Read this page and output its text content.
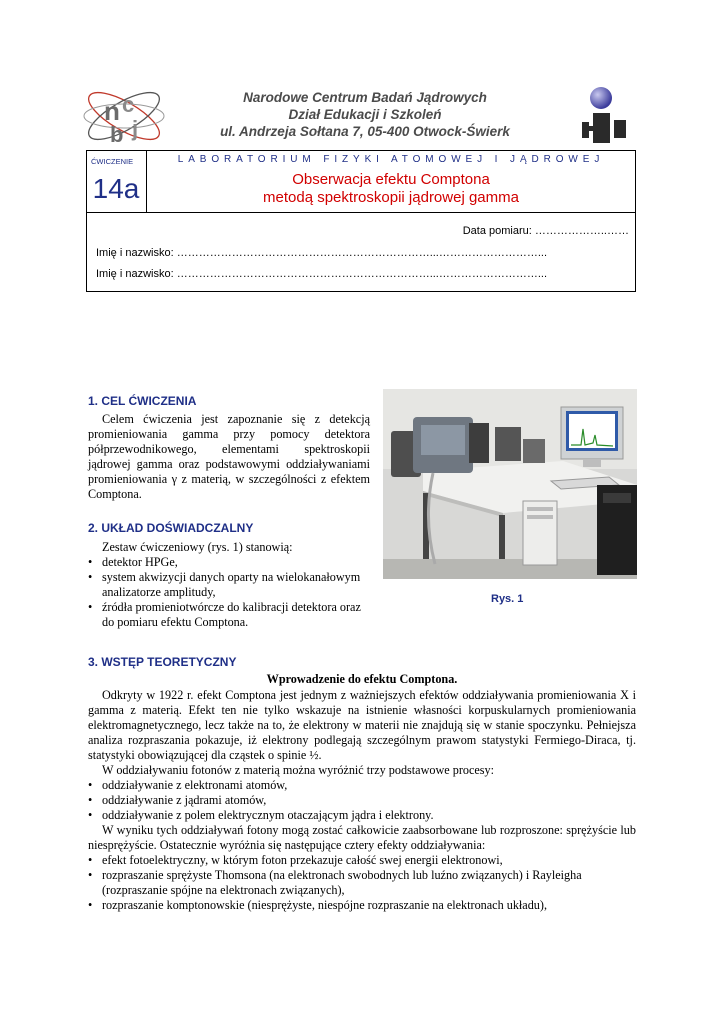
n c
b j
Narodowe Centrum Badań Jądrowych
Dział Edukacji i Szkoleń
ul. Andrzeja Sołtana 7, 05-400 Otwock-Świerk
ĆWICZENIE
14a
LABORATORIUM FIZYKI ATOMOWEJ I JĄDROWEJ
Obserwacja efektu Comptona
metodą spektroskopii jądrowej gamma
Data pomiaru: ………………..……
Imię i nazwisko: ……………………………………………………………...………………………...
Imię i nazwisko: ……………………………………………………………...………………………...
1. CEL ĆWICZENIA
Celem ćwiczenia jest zapoznanie się z detekcją promieniowania gamma przy pomocy detektora półprzewodnikowego, elementami spektroskopii jądrowej gamma oraz podstawowymi oddziaływaniami promieniowania γ z materią, w szczególności z efektem Comptona.
2. UKŁAD DOŚWIADCZALNY

Zestaw ćwiczeniowy (rys. 1) stanowią:

• detektor HPGe,
• system akwizycji danych oparty na wielokanałowym analizatorze amplitudy,
• źródła promieniotwórcze do kalibracji detektora oraz do pomiaru efektu Comptona.
Rys. 1
3. WSTĘP TEORETYCZNY
Wprowadzenie do efektu Comptona.

Odkryty w 1922 r. efekt Comptona jest jednym z ważniejszych efektów oddziaływania promieniowania X i gamma z materią. Efekt ten nie tylko wskazuje na istnienie własności korpuskularnych promieniowania elektromagnetycznego, lecz także na to, że elektrony w materii nie znajdują się w stanie spoczynku. Pełniejsza analiza rozpraszania pokazuje, iż elektrony podlegają szczególnym prawom statystyki Fermiego-Diraca, tj. statystyki obowiązującej dla cząstek o spinie ½.

W oddziaływaniu fotonów z materią można wyróżnić trzy podstawowe procesy:

• oddziaływanie z elektronami atomów,
• oddziaływanie z jądrami atomów,
• oddziaływanie z polem elektrycznym otaczającym jądra i elektrony.

W wyniku tych oddziaływań fotony mogą zostać całkowicie zaabsorbowane lub rozproszone: sprężyście lub niesprężyście. Ostatecznie wyróżnia się następujące cztery efekty oddziaływania:

• efekt fotoelektryczny, w którym foton przekazuje całość swej energii elektronowi,
• rozpraszanie sprężyste Thomsona (na elektronach swobodnych lub luźno związanych) i Rayleigha (rozpraszanie spójne na elektronach związanych),
• rozpraszanie komptonowskie (niesprężyste, niespójne rozpraszanie na elektronach układu),
